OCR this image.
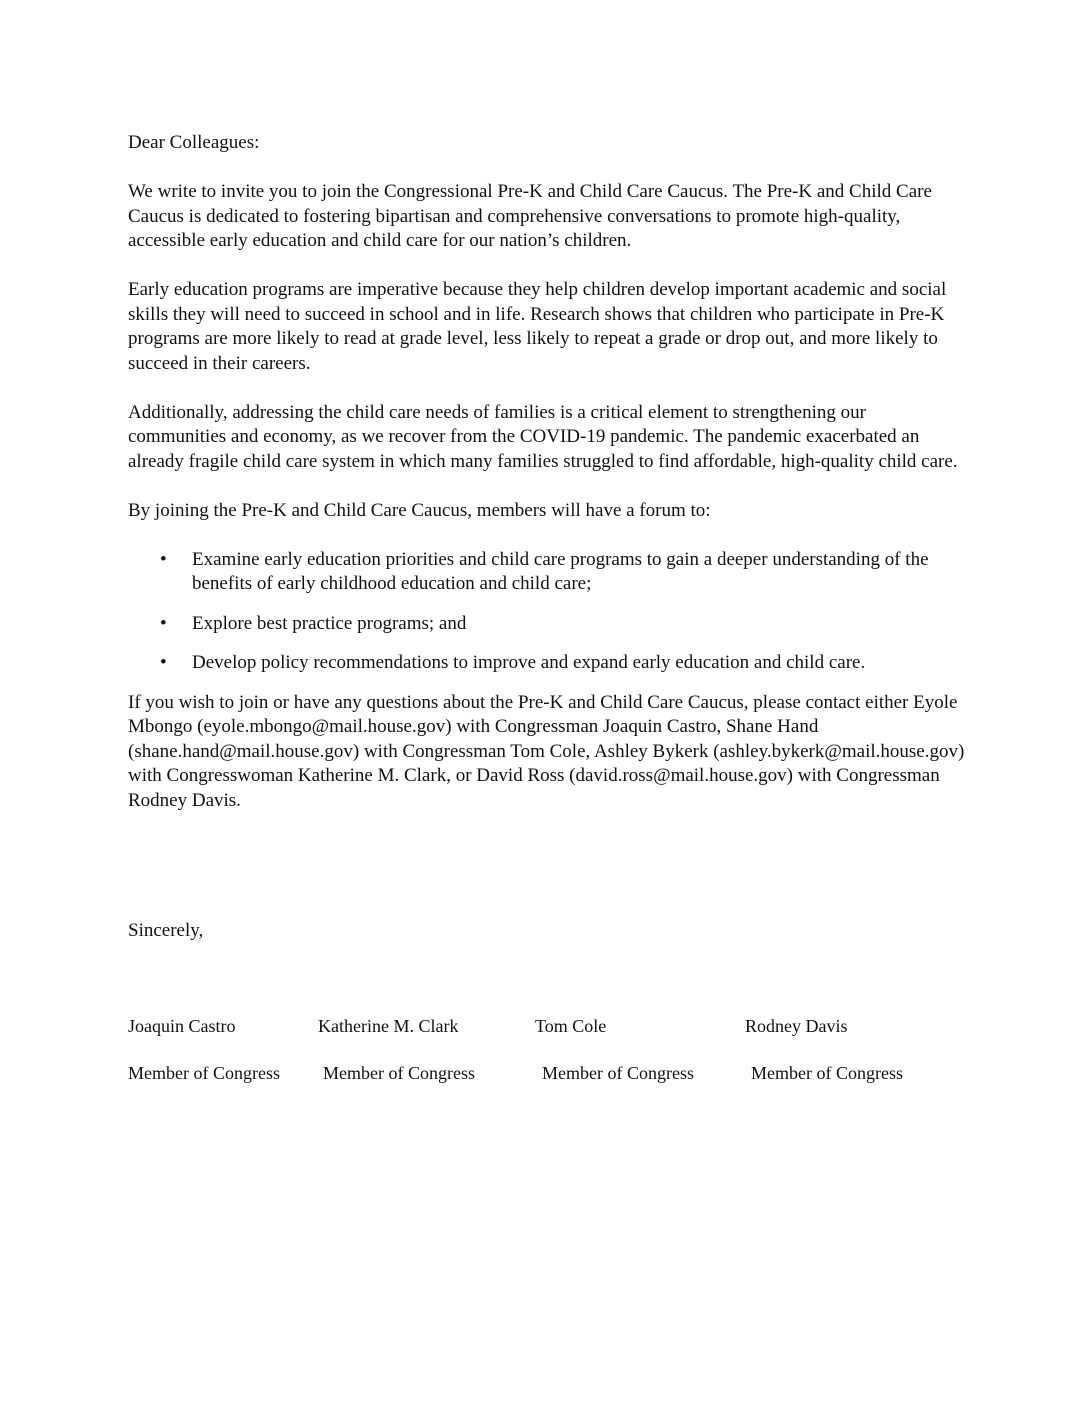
Dear Colleagues:

We write to invite you to join the Congressional Pre-K and Child Care Caucus. The Pre-K and Child Care Caucus is dedicated to fostering bipartisan and comprehensive conversations to promote high-quality, accessible early education and child care for our nation’s children.

Early education programs are imperative because they help children develop important academic and social skills they will need to succeed in school and in life. Research shows that children who participate in Pre-K programs are more likely to read at grade level, less likely to repeat a grade or drop out, and more likely to succeed in their careers.

Additionally, addressing the child care needs of families is a critical element to strengthening our communities and economy, as we recover from the COVID-19 pandemic. The pandemic exacerbated an already fragile child care system in which many families struggled to find affordable, high-quality child care.

By joining the Pre-K and Child Care Caucus, members will have a forum to:

• Examine early education priorities and child care programs to gain a deeper understanding of the benefits of early childhood education and child care;
• Explore best practice programs; and
• Develop policy recommendations to improve and expand early education and child care.

If you wish to join or have any questions about the Pre-K and Child Care Caucus, please contact either Eyole Mbongo (eyole.mbongo@mail.house.gov) with Congressman Joaquin Castro, Shane Hand (shane.hand@mail.house.gov) with Congressman Tom Cole, Ashley Bykerk (ashley.bykerk@mail.house.gov) with Congresswoman Katherine M. Clark, or David Ross (david.ross@mail.house.gov) with Congressman Rodney Davis.

Sincerely,
Joaquin Castro	Katherine M. Clark	Tom Cole	Rodney Davis
Member of Congress Member of Congress	Member of Congress	Member of Congress
